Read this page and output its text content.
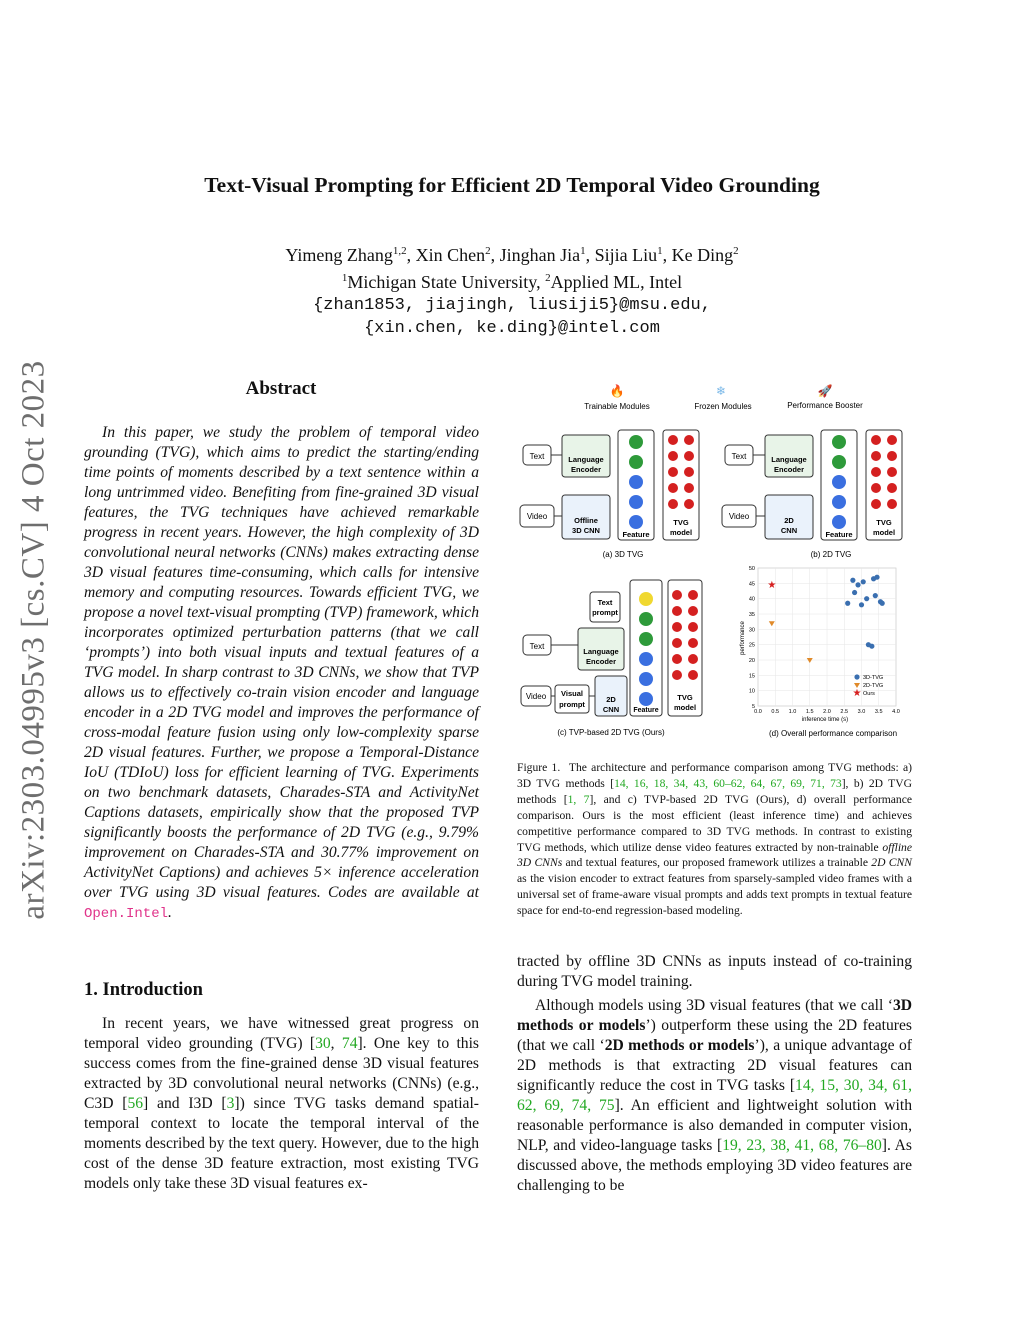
arXiv:2303.04995v3 [cs.CV] 4 Oct 2023
Text-Visual Prompting for Efficient 2D Temporal Video Grounding
Yimeng Zhang$^{1,2}$, Xin Chen$^2$, Jinghan Jia$^1$, Sijia Liu$^1$, Ke Ding$^2$
$^1$Michigan State University, $^2$Applied ML, Intel
{zhan1853, jiajingh, liusiji5}@msu.edu,
{xin.chen, ke.ding}@intel.com
Abstract

In this paper, we study the problem of temporal video grounding (TVG), which aims to predict the starting/ending time points of moments described by a text sentence within a long untrimmed video. Benefiting from fine-grained 3D visual features, the TVG techniques have achieved remarkable progress in recent years. However, the high complexity of 3D convolutional neural networks (CNNs) makes extracting dense 3D visual features time-consuming, which calls for intensive memory and computing resources. Towards efficient TVG, we propose a novel text-visual prompting (TVP) framework, which incorporates optimized perturbation patterns (that we call ‘prompts’) into both visual inputs and textual features of a TVG model. In sharp contrast to 3D CNNs, we show that TVP allows us to effectively co-train vision encoder and language encoder in a 2D TVG model and improves the performance of cross-modal feature fusion using only low-complexity sparse 2D visual features. Further, we propose a Temporal-Distance IoU (TDIoU) loss for efficient learning of TVG. Experiments on two benchmark datasets, Charades-STA and ActivityNet Captions datasets, empirically show that the proposed TVP significantly boosts the performance of 2D TVG (e.g., 9.79% improvement on Charades-STA and 30.77% improvement on ActivityNet Captions) and achieves 5× inference acceleration over TVG using 3D visual features. Codes are available at Open.Intel.

1. Introduction

In recent years, we have witnessed great progress on temporal video grounding (TVG) [30, 74]. One key to this success comes from the fine-grained dense 3D visual features extracted by 3D convolutional neural networks (CNNs) (e.g., C3D [56] and I3D [3]) since TVG tasks demand spatial-temporal context to locate the temporal interval of the moments described by the text query. However, due to the high cost of the dense 3D feature extraction, most existing TVG models only take these 3D visual features ex-

tracted by offline 3D CNNs as inputs instead of co-training during TVG model training.

Although models using 3D visual features (that we call ‘3D methods or models’) outperform these using the 2D features (that we call ‘2D methods or models’), a unique advantage of 2D methods is that extracting 2D visual features can significantly reduce the cost in TVG tasks [14, 15, 30, 34, 61, 62, 69, 74, 75]. An efficient and lightweight solution with reasonable performance is also demanded in computer vision, NLP, and video-language tasks [19, 23, 38, 41, 68, 76–80]. As discussed above, the methods employing 3D video features are challenging to be

Figure 1. The architecture and performance comparison among TVG methods: a) 3D TVG methods [14, 16, 18, 34, 43, 60–62, 64, 67, 69, 71, 73], b) 2D TVG methods [1, 7], and c) TVP-based 2D TVG (Ours), d) overall performance comparison. Ours is the most efficient (least inference time) and achieves competitive performance compared to 3D TVG methods. In contrast to existing TVG methods, which utilize dense video features extracted by non-trainable offline 3D CNNs and textual features, our proposed framework utilizes a trainable 2D CNN as the vision encoder to extract features from sparsely-sampled video frames with a universal set of frame-aware visual prompts and adds text prompts in textual feature space for end-to-end regression-based modeling.
🔥
Trainable Modules
❄
Frozen Modules
🚀
Performance Booster
Text
Video
Language
Encoder
Offline
3D CNN	Feature
TVG
model
(a) 3D TVG
Text
Video
Language
Encoder
2D
CNN	Feature
TVG
model
(b) 2D TVG
Text
prompt
Text
Language
Encoder
Video Visual
prompt
2D
CNN Feature
TVG
model
(c) TVP-based 2D TVG (Ours)
0.0 0.5 1.0 1.5 2.0 2.5 3.0 3.5 4.0
5
10
15
20
25
30
35
40
45
50
★
inference time (s)
performance
3D-TVG
2D-TVG
★ Ours
(d) Overall performance comparison
